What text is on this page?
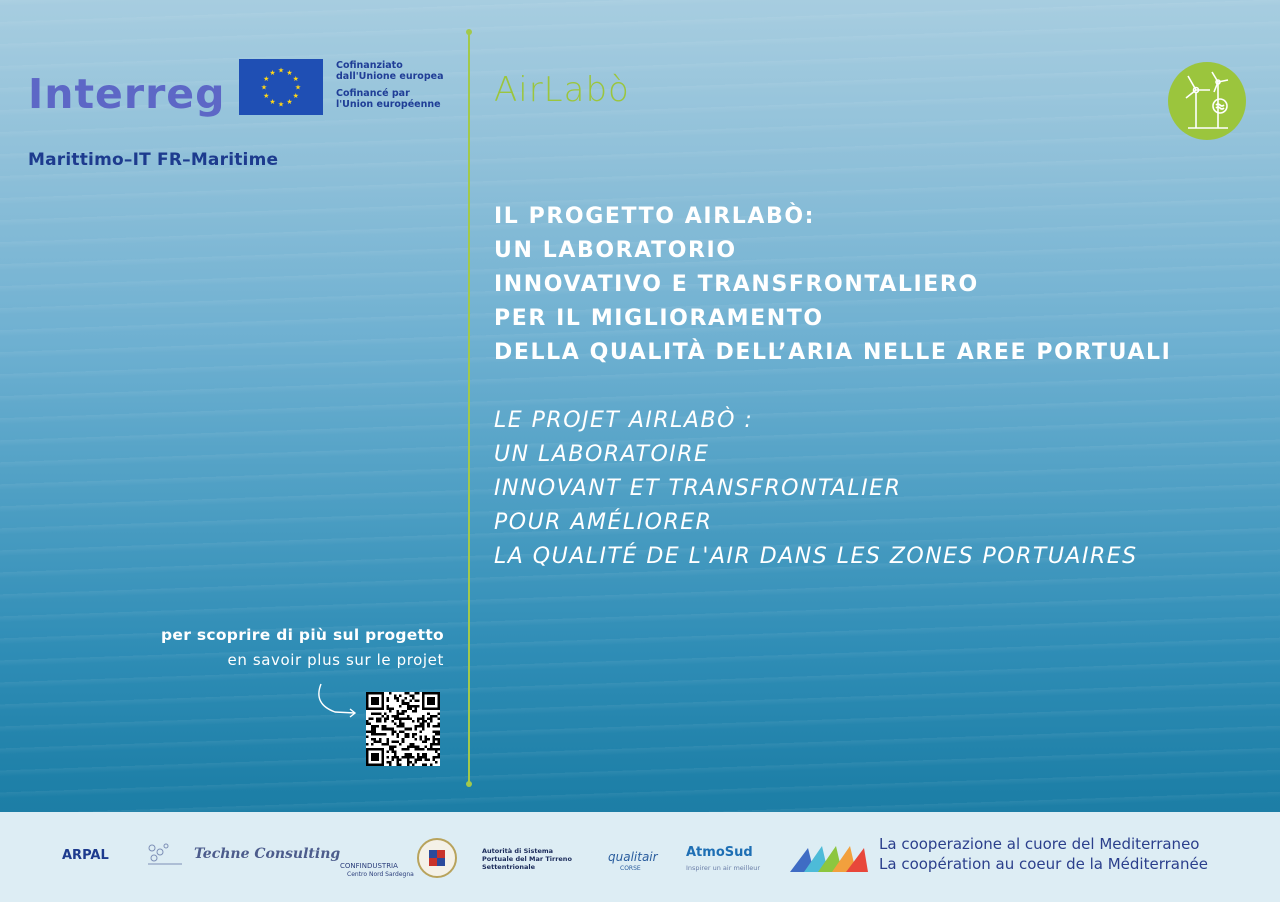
Interreg	★ ★
★
★
★
★
★
★
★
★
★
★
Cofinanziato
dall'Unione europea
Cofinancé par
l'Union européenne
Marittimo–IT FR–Maritime
AirLabò
IL PROGETTO AIRLABÒ:
UN LABORATORIO
INNOVATIVO E TRANSFRONTALIERO
PER IL MIGLIORAMENTO
DELLA QUALITÀ DELL’ARIA NELLE AREE PORTUALI
LE PROJET AIRLABÒ :
UN LABORATOIRE
INNOVANT ET TRANSFRONTALIER
POUR AMÉLIORER
LA QUALITÉ DE L'AIR DANS LES ZONES PORTUAIRES
per scoprire di più sul progetto
en savoir plus sur le projet
ARPAL	Techne Consulting
CONFINDUSTRIA
Centro Nord Sardegna
Autorità di Sistema Portuale del Mar Tirreno Settentrionale
qualitair
CORSE
AtmoSud
Inspirer un air meilleur
La cooperazione al cuore del Mediterraneo
La coopération au coeur de la Méditerranée
